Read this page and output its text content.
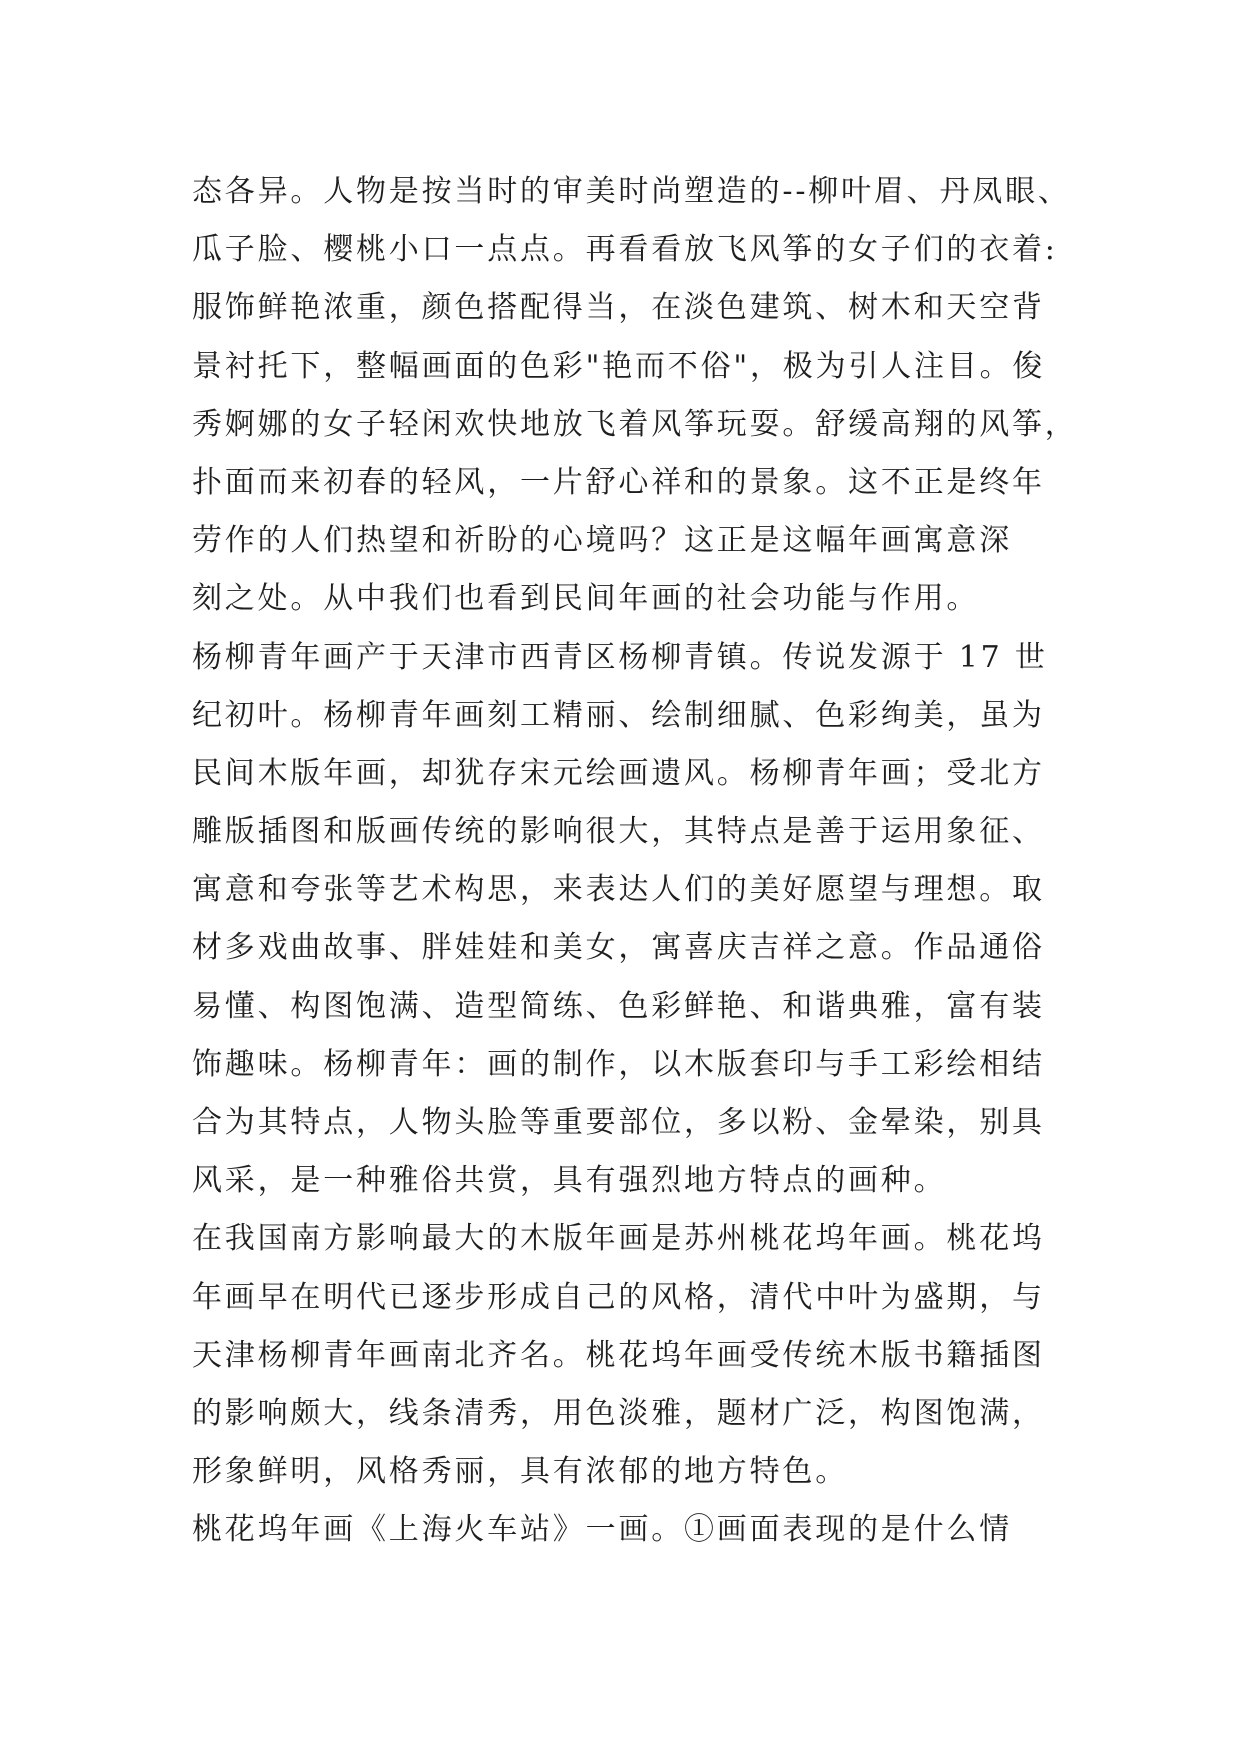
态各异。人物是按当时的审美时尚塑造的--柳叶眉、丹凤眼、
瓜子脸、樱桃小口一点点。再看看放飞风筝的女子们的衣着:
服饰鲜艳浓重，颜色搭配得当，在淡色建筑、树木和天空背
景衬托下，整幅画面的色彩"艳而不俗"，极为引人注目。俊
秀婀娜的女子轻闲欢快地放飞着风筝玩耍。舒缓高翔的风筝，
扑面而来初春的轻风，一片舒心祥和的景象。这不正是终年
劳作的人们热望和祈盼的心境吗？这正是这幅年画寓意深
刻之处。从中我们也看到民间年画的社会功能与作用。
杨柳青年画产于天津市西青区杨柳青镇。传说发源于 17 世
纪初叶。杨柳青年画刻工精丽、绘制细腻、色彩绚美，虽为
民间木版年画，却犹存宋元绘画遗风。杨柳青年画；受北方
雕版插图和版画传统的影响很大，其特点是善于运用象征、
寓意和夸张等艺术构思，来表达人们的美好愿望与理想。取
材多戏曲故事、胖娃娃和美女，寓喜庆吉祥之意。作品通俗
易懂、构图饱满、造型简练、色彩鲜艳、和谐典雅，富有装
饰趣味。杨柳青年：画的制作，以木版套印与手工彩绘相结
合为其特点，人物头脸等重要部位，多以粉、金晕染，别具
风采，是一种雅俗共赏，具有强烈地方特点的画种。
在我国南方影响最大的木版年画是苏州桃花坞年画。桃花坞
年画早在明代已逐步形成自己的风格，清代中叶为盛期，与
天津杨柳青年画南北齐名。桃花坞年画受传统木版书籍插图
的影响颇大，线条清秀，用色淡雅，题材广泛，构图饱满，
形象鲜明，风格秀丽，具有浓郁的地方特色。
桃花坞年画《上海火车站》一画。①画面表现的是什么情
